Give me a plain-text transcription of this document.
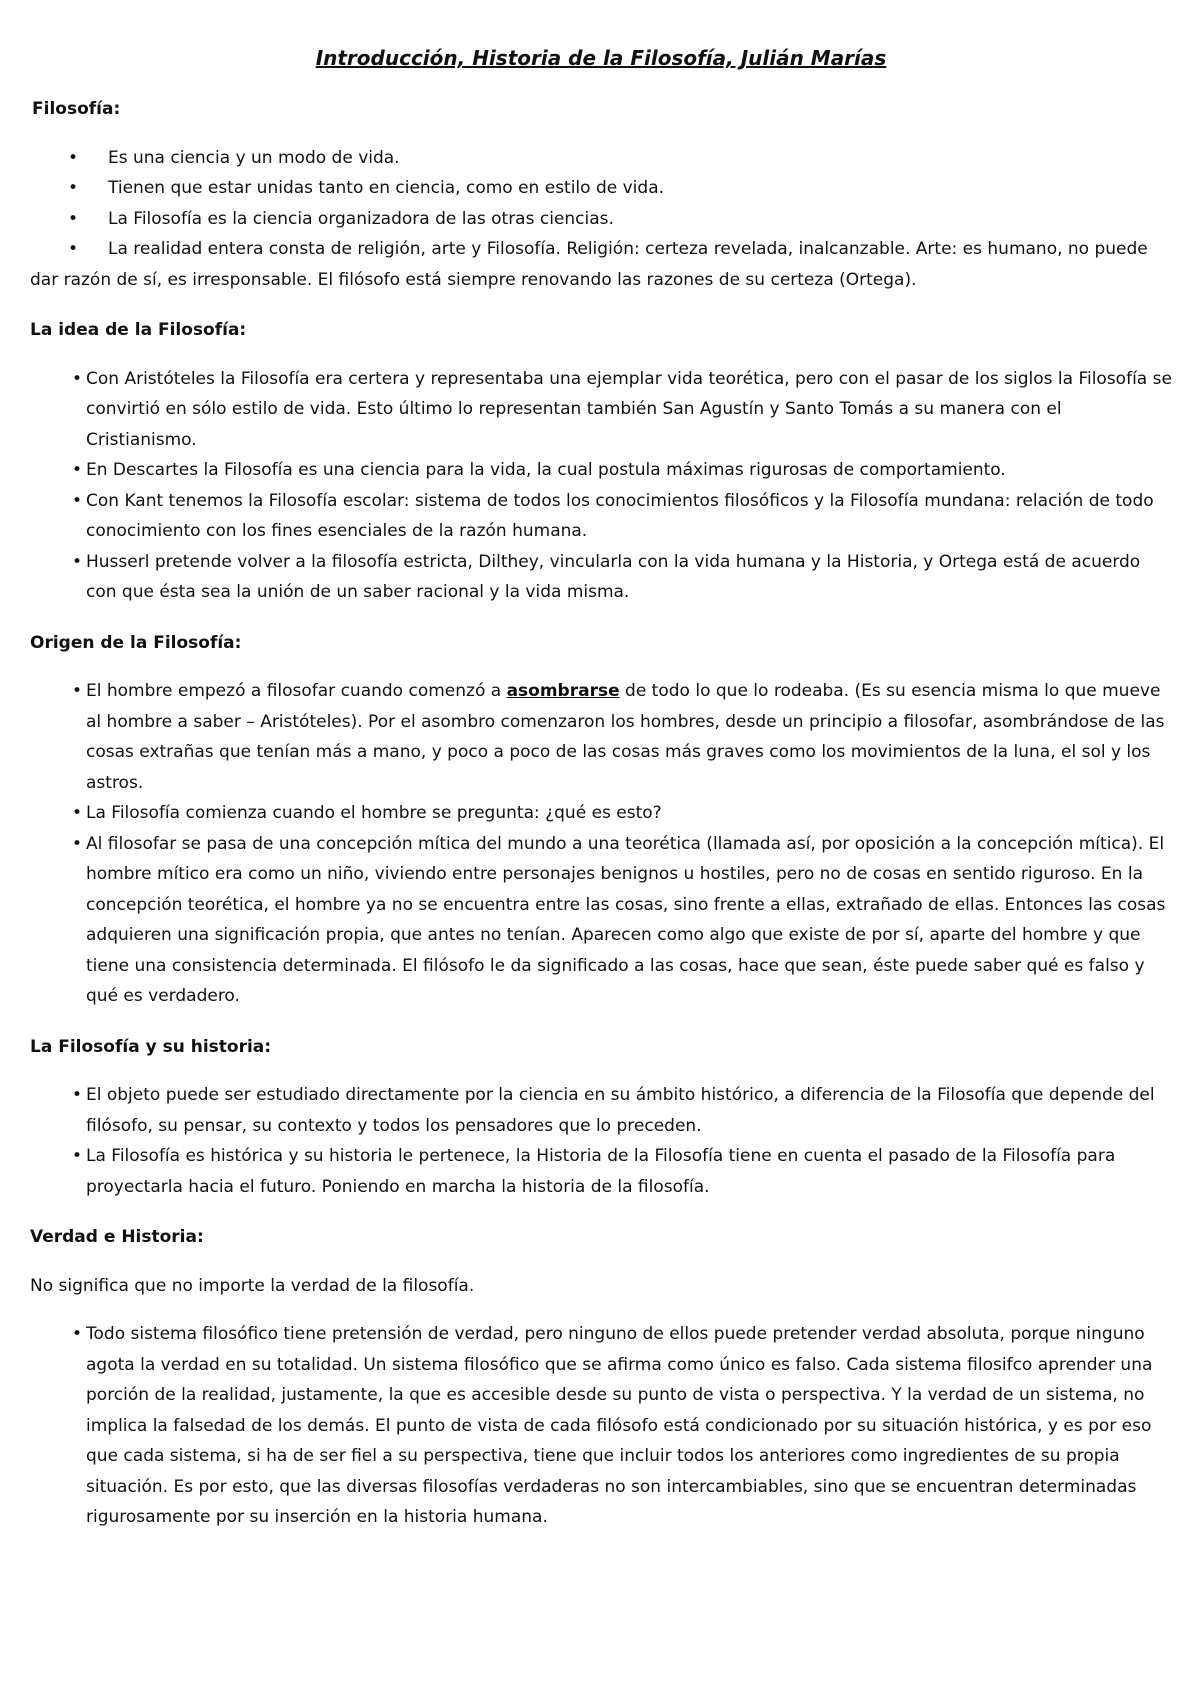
Introducción, Historia de la Filosofía, Julián Marías
Filosofía:
• Es una ciencia y un modo de vida.
• Tienen que estar unidas tanto en ciencia, como en estilo de vida.
• La Filosofía es la ciencia organizadora de las otras ciencias.
• La realidad entera consta de religión, arte y Filosofía. Religión: certeza revelada, inalcanzable. Arte: es humano, no puede dar razón de sí, es irresponsable. El filósofo está siempre renovando las razones de su certeza (Ortega).
La idea de la Filosofía:
• Con Aristóteles la Filosofía era certera y representaba una ejemplar vida teorética, pero con el pasar de los siglos la Filosofía se convirtió en sólo estilo de vida. Esto último lo representan también San Agustín y Santo Tomás a su manera con el Cristianismo.
• En Descartes la Filosofía es una ciencia para la vida, la cual postula máximas rigurosas de comportamiento.
• Con Kant tenemos la Filosofía escolar: sistema de todos los conocimientos filosóficos y la Filosofía mundana: relación de todo conocimiento con los fines esenciales de la razón humana.
• Husserl pretende volver a la filosofía estricta, Dilthey, vincularla con la vida humana y la Historia, y Ortega está de acuerdo con que ésta sea la unión de un saber racional y la vida misma.
Origen de la Filosofía:
• El hombre empezó a filosofar cuando comenzó a asombrarse de todo lo que lo rodeaba. (Es su esencia misma lo que mueve al hombre a saber – Aristóteles). Por el asombro comenzaron los hombres, desde un principio a filosofar, asombrándose de las cosas extrañas que tenían más a mano, y poco a poco de las cosas más graves como los movimientos de la luna, el sol y los astros.
• La Filosofía comienza cuando el hombre se pregunta: ¿qué es esto?
• Al filosofar se pasa de una concepción mítica del mundo a una teorética (llamada así, por oposición a la concepción mítica). El hombre mítico era como un niño, viviendo entre personajes benignos u hostiles, pero no de cosas en sentido riguroso. En la concepción teorética, el hombre ya no se encuentra entre las cosas, sino frente a ellas, extrañado de ellas. Entonces las cosas adquieren una significación propia, que antes no tenían. Aparecen como algo que existe de por sí, aparte del hombre y que tiene una consistencia determinada. El filósofo le da significado a las cosas, hace que sean, éste puede saber qué es falso y qué es verdadero.
La Filosofía y su historia:
• El objeto puede ser estudiado directamente por la ciencia en su ámbito histórico, a diferencia de la Filosofía que depende del filósofo, su pensar, su contexto y todos los pensadores que lo preceden.
• La Filosofía es histórica y su historia le pertenece, la Historia de la Filosofía tiene en cuenta el pasado de la Filosofía para proyectarla hacia el futuro. Poniendo en marcha la historia de la filosofía.
Verdad e Historia:
No significa que no importe la verdad de la filosofía.
• Todo sistema filosófico tiene pretensión de verdad, pero ninguno de ellos puede pretender verdad absoluta, porque ninguno agota la verdad en su totalidad. Un sistema filosófico que se afirma como único es falso. Cada sistema filosifco aprender una porción de la realidad, justamente, la que es accesible desde su punto de vista o perspectiva. Y la verdad de un sistema, no implica la falsedad de los demás. El punto de vista de cada filósofo está condicionado por su situación histórica, y es por eso que cada sistema, si ha de ser fiel a su perspectiva, tiene que incluir todos los anteriores como ingredientes de su propia situación. Es por esto, que las diversas filosofías verdaderas no son intercambiables, sino que se encuentran determinadas rigurosamente por su inserción en la historia humana.
